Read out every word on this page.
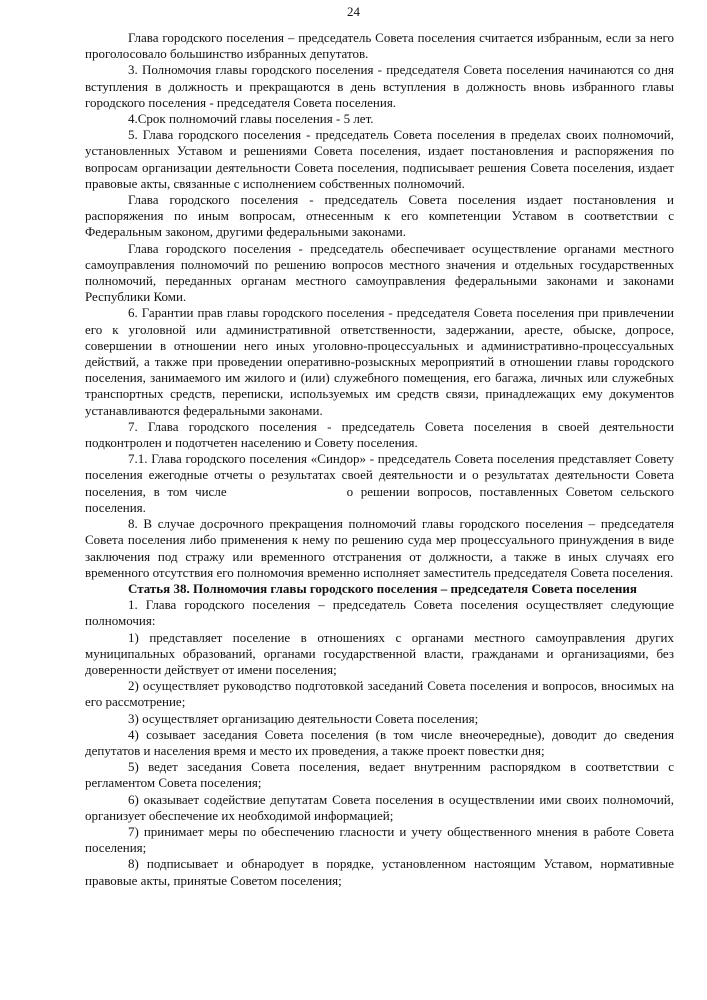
24

Глава городского поселения – председатель Совета поселения считается избранным, если за него проголосовало большинство избранных депутатов.

3. Полномочия главы городского поселения - председателя Совета поселения начинаются со дня вступления в должность и прекращаются в день вступления в должность вновь избранного главы городского поселения - председателя Совета поселения.

4.Срок полномочий главы поселения - 5 лет.

5. Глава городского поселения - председатель Совета поселения в пределах своих полномочий, установленных Уставом и решениями Совета поселения, издает постановления и распоряжения по вопросам организации деятельности Совета поселения, подписывает решения Совета поселения, издает правовые акты, связанные с исполнением собственных полномочий.

Глава городского поселения - председатель Совета поселения издает постановления и распоряжения по иным вопросам, отнесенным к его компетенции Уставом в соответствии с Федеральным законом, другими федеральными законами.

Глава городского поселения - председатель обеспечивает осуществление органами местного самоуправления полномочий по решению вопросов местного значения и отдельных государственных полномочий, переданных органам местного самоуправления федеральными законами и законами Республики Коми.

6. Гарантии прав главы городского поселения - председателя Совета поселения при привлечении его к уголовной или административной ответственности, задержании, аресте, обыске, допросе, совершении в отношении него иных уголовно-процессуальных и административно-процессуальных действий, а также при проведении оперативно-розыскных мероприятий в отношении главы городского поселения, занимаемого им жилого и (или) служебного помещения, его багажа, личных или служебных транспортных средств, переписки, используемых им средств связи, принадлежащих ему документов устанавливаются федеральными законами.

7. Глава городского поселения - председатель Совета поселения в своей деятельности подконтролен и подотчетен населению и Совету поселения.

7.1. Глава городского поселения «Синдор» - председатель Совета поселения представляет Совету поселения ежегодные отчеты о результатах своей деятельности и о результатах деятельности Совета поселения, в том числе	о решении вопросов, поставленных Советом сельского поселения.

8. В случае досрочного прекращения полномочий главы городского поселения – председателя Совета поселения либо применения к нему по решению суда мер процессуального принуждения в виде заключения под стражу или временного отстранения от должности, а также в иных случаях его временного отсутствия его полномочия временно исполняет заместитель председателя Совета поселения.

Статья 38. Полномочия главы городского поселения – председателя Совета поселения

1. Глава городского поселения – председатель Совета поселения осуществляет следующие полномочия:

1) представляет поселение в отношениях с органами местного самоуправления других муниципальных образований, органами государственной власти, гражданами и организациями, без доверенности действует от имени поселения;

2) осуществляет руководство подготовкой заседаний Совета поселения и вопросов, вносимых на его рассмотрение;

3) осуществляет организацию деятельности Совета поселения;

4) созывает заседания Совета поселения (в том числе внеочередные), доводит до сведения депутатов и населения время и место их проведения, а также проект повестки дня;

5) ведет заседания Совета поселения, ведает внутренним распорядком в соответствии с регламентом Совета поселения;

6) оказывает содействие депутатам Совета поселения в осуществлении ими своих полномочий, организует обеспечение их необходимой информацией;

7) принимает меры по обеспечению гласности и учету общественного мнения в работе Совета поселения;

8) подписывает и обнародует в порядке, установленном настоящим Уставом, нормативные правовые акты, принятые Советом поселения;
